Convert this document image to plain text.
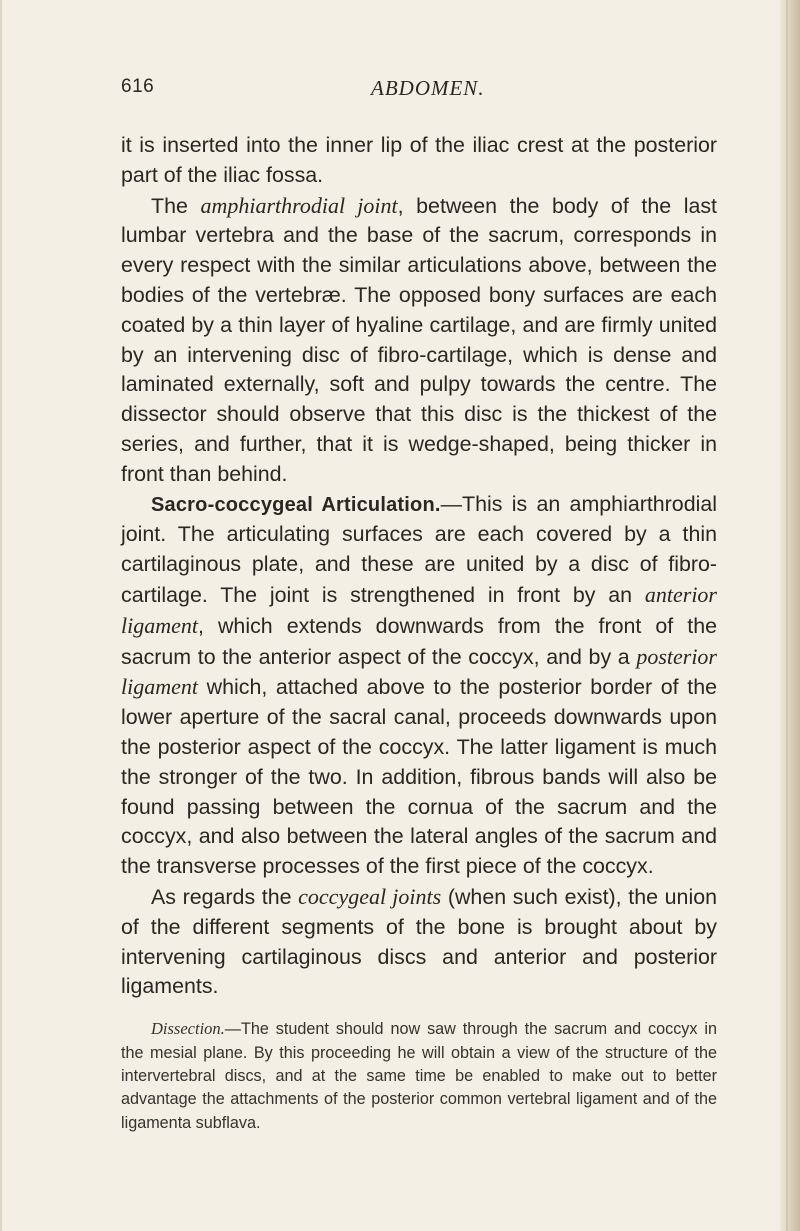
616	ABDOMEN.

it is inserted into the inner lip of the iliac crest at the posterior part of the iliac fossa.

The amphiarthrodial joint, between the body of the last lumbar vertebra and the base of the sacrum, corresponds in every respect with the similar articulations above, between the bodies of the vertebræ. The opposed bony surfaces are each coated by a thin layer of hyaline cartilage, and are firmly united by an intervening disc of fibro-cartilage, which is dense and laminated externally, soft and pulpy towards the centre. The dissector should observe that this disc is the thickest of the series, and further, that it is wedge-shaped, being thicker in front than behind.

Sacro-coccygeal Articulation.—This is an amphiarthrodial joint. The articulating surfaces are each covered by a thin cartilaginous plate, and these are united by a disc of fibro-cartilage. The joint is strengthened in front by an anterior ligament, which extends downwards from the front of the sacrum to the anterior aspect of the coccyx, and by a posterior ligament which, attached above to the posterior border of the lower aperture of the sacral canal, proceeds downwards upon the posterior aspect of the coccyx. The latter ligament is much the stronger of the two. In addition, fibrous bands will also be found passing between the cornua of the sacrum and the coccyx, and also between the lateral angles of the sacrum and the transverse processes of the first piece of the coccyx.

As regards the coccygeal joints (when such exist), the union of the different segments of the bone is brought about by intervening cartilaginous discs and anterior and posterior ligaments.

Dissection.—The student should now saw through the sacrum and coccyx in the mesial plane. By this proceeding he will obtain a view of the structure of the intervertebral discs, and at the same time be enabled to make out to better advantage the attachments of the posterior common vertebral ligament and of the ligamenta subflava.
